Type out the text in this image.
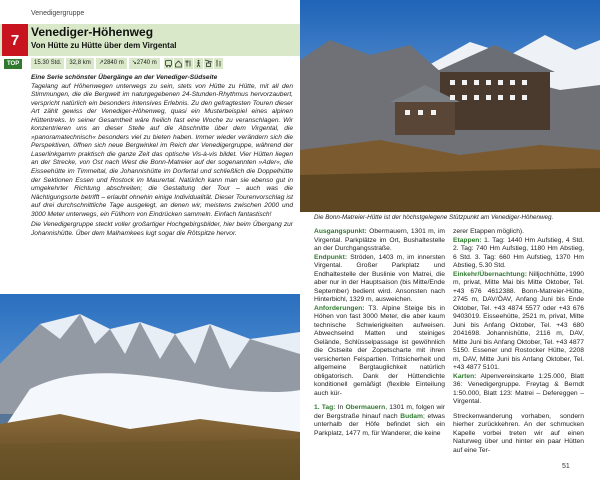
Venedigergruppe
7 Venediger-Höhenweg
Von Hütte zu Hütte über dem Virgental
TOP	15.30 Std.	32,8 km	↗2840 m	↘2740 m

Eine Serie schönster Übergänge an der Venediger-Südseite

Tagelang auf Höhenwegen unterwegs zu sein, stets von Hütte zu Hütte, mit all den Stimmungen, die die Bergwelt im naturgegebenen 24-Stunden-Rhythmus hervorzaubert, verspricht natürlich ein besonders intensives Erlebnis. Zu den gefragtesten Touren dieser Art zählt gewiss der Venediger-Höhenweg, quasi ein Musterbeispiel eines alpinen Hüttentreks. In seiner Gesamtheit wäre freilich fast eine Woche zu veranschlagen. Wir konzentrieren uns an dieser Stelle auf die Abschnitte über dem Virgental, die »panoramatechnisch« besonders viel zu bieten haben. Immer wieder verändern sich die Perspektiven, öffnen sich neue Bergwinkel im Reich der Venedigergruppe, während der Laserlinkgamm praktisch die ganze Zeit das optische Vis-à-vis bildet. Vier Hütten liegen an der Strecke, von Ost nach West die Bonn-Matreier auf der sogenannten »Ader«, die Eisseehütte im Timmeltal, die Johannishütte im Dorfertal und schließlich die Doppelhütte der Sektionen Essen und Rostock im Maurertal. Natürlich kann man sie ebenso gut in umgekehrter Richtung abschreiten; die Gestaltung der Tour – auch was die Nächtigungsorte betrifft – erlaubt ohnehin einige Individualität. Dieser Tourenvorschlag ist auf drei durchschnittliche Tage ausgelegt, an denen wir, meistens zwischen 2000 und 3000 Meter unterwegs, ein Füllhorn von Eindrücken sammeln. Einfach fantastisch!

Die Venedigergruppe steckt voller großartiger Hochgebirgsbilder, hier beim Übergang zur Johannishütte. Über dem Malhamkees lugt sogar die Rötspitze hervor.

Die Bonn-Matreier-Hütte ist der höchstgelegene Stützpunkt am Venediger-Höhenweg.

Ausgangspunkt: Obermauern, 1301 m, im Virgental. Parkplätze im Ort, Bushaltestelle an der Durchgangsstraße.

Endpunkt: Ströden, 1403 m, im innersten Virgental. Großer Parkplatz und Endhaltestelle der Buslinie von Matrei, die aber nur in der Hauptsaison (bis Mitte/Ende September) bedient wird. Ansonsten nach Hinterbichl, 1329 m, ausweichen.

Anforderungen: T3. Alpine Steige bis in Höhen von fast 3000 Meter, die aber kaum technische Schwierigkeiten aufweisen. Abwechselnd Matten und steiniges Gelände, Schlüsselpassage ist gewöhnlich die Ostseite der Zopetscharte mit ihren versicherten Felspartien. Trittsicherheit und allgemeine Bergtauglichkeit natürlich obligatorisch. Dank der Hüttendichte konditionell gemäßigt (flexible Einteilung auch kür-

1. Tag: In Obermauern, 1301 m, folgen wir der Bergstraße hinauf nach Budam; etwas unterhalb der Höfe befindet sich ein Parkplatz, 1477 m, für Wanderer, die keine

zerer Etappen möglich).

Etappen: 1. Tag: 1440 Hm Aufstieg, 4 Std. 2. Tag: 740 Hm Aufstieg, 1180 Hm Abstieg, 6 Std. 3. Tag: 660 Hm Aufstieg, 1370 Hm Abstieg, 5.30 Std.

Einkehr/Übernachtung: Nilljochhütte, 1990 m, privat, Mitte Mai bis Mitte Oktober, Tel. +43 676 4612388. Bonn-Matreier-Hütte, 2745 m, DAV/ÖAV, Anfang Juni bis Ende Oktober, Tel. +43 4874 5577 oder +43 676 9403019. Eisseehütte, 2521 m, privat, Mitte Juni bis Anfang Oktober, Tel. +43 680 2041698. Johannishütte, 2116 m, DAV, Mitte Juni bis Anfang Oktober, Tel. +43 4877 5150. Essener und Rostocker Hütte, 2208 m, DAV, Mitte Juni bis Anfang Oktober, Tel. +43 4877 5101.

Karten: Alpenvereinskarte 1:25.000, Blatt 36: Venedigergruppe. Freytag & Berndt 1:50.000, Blatt 123: Matrei – Defereggen – Virgental.

Streckenwanderung vorhaben, sondern hierher zurückkehren. An der schmucken Kapelle vorbei treten wir auf einen Naturweg über und hinter ein paar Hütten auf eine Ter-

51
